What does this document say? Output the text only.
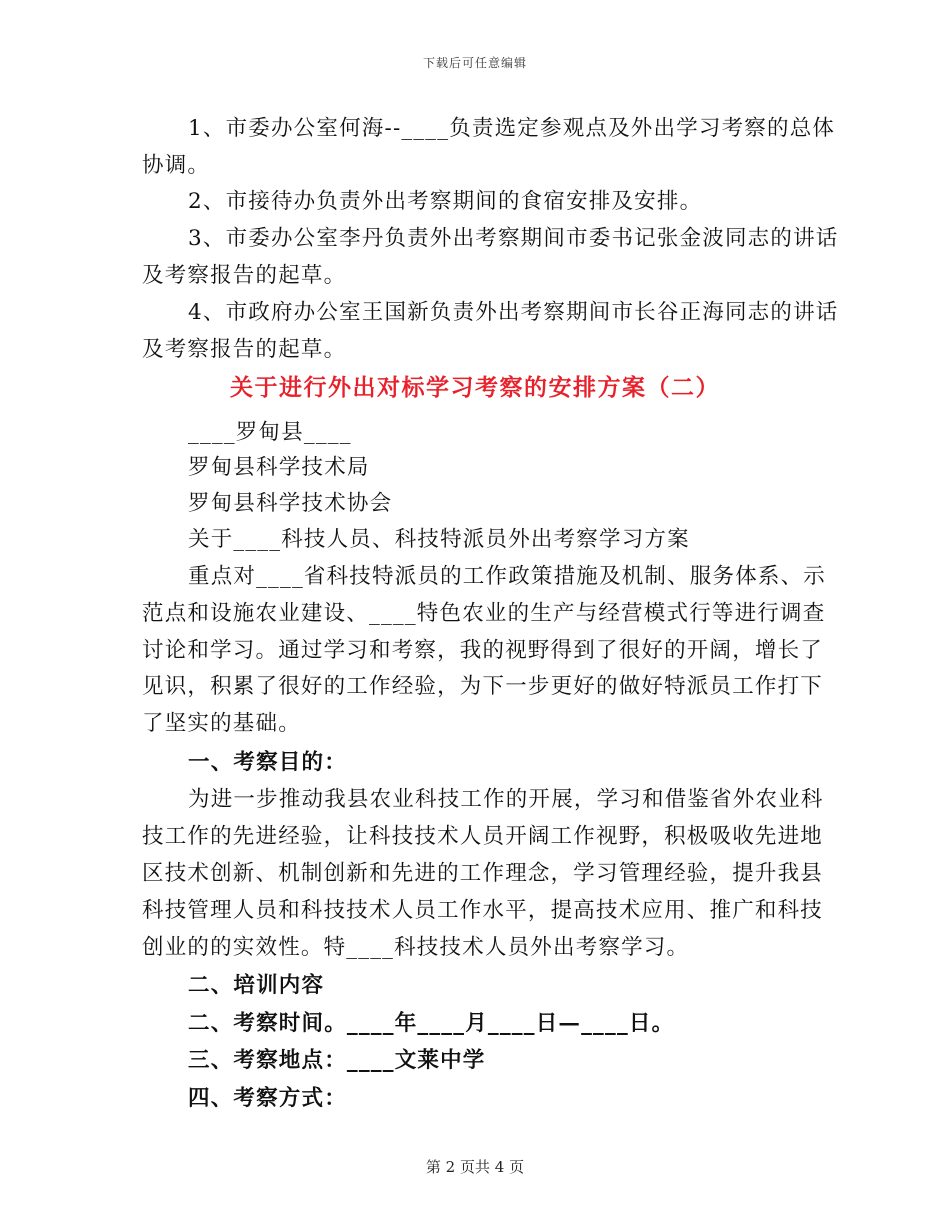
下载后可任意编辑
1、市委办公室何海--____负责选定参观点及外出学习考察的总体
协调。
2、市接待办负责外出考察期间的食宿安排及安排。
3、市委办公室李丹负责外出考察期间市委书记张金波同志的讲话
及考察报告的起草。
4、市政府办公室王国新负责外出考察期间市长谷正海同志的讲话
及考察报告的起草。
关于进行外出对标学习考察的安排方案（二）
____罗甸县____
罗甸县科学技术局
罗甸县科学技术协会
关于____科技人员、科技特派员外出考察学习方案
重点对____省科技特派员的工作政策措施及机制、服务体系、示
范点和设施农业建设、____特色农业的生产与经营模式行等进行调查
讨论和学习。通过学习和考察，我的视野得到了很好的开阔，增长了
见识，积累了很好的工作经验，为下一步更好的做好特派员工作打下
了坚实的基础。
一、考察目的：
为进一步推动我县农业科技工作的开展，学习和借鉴省外农业科
技工作的先进经验，让科技技术人员开阔工作视野，积极吸收先进地
区技术创新、机制创新和先进的工作理念，学习管理经验，提升我县
科技管理人员和科技技术人员工作水平，提高技术应用、推广和科技
创业的的实效性。特____科技技术人员外出考察学习。
二、培训内容
二、考察时间。____年____月____日—____日。
三、考察地点：____文莱中学
四、考察方式：
第 2 页共 4 页
